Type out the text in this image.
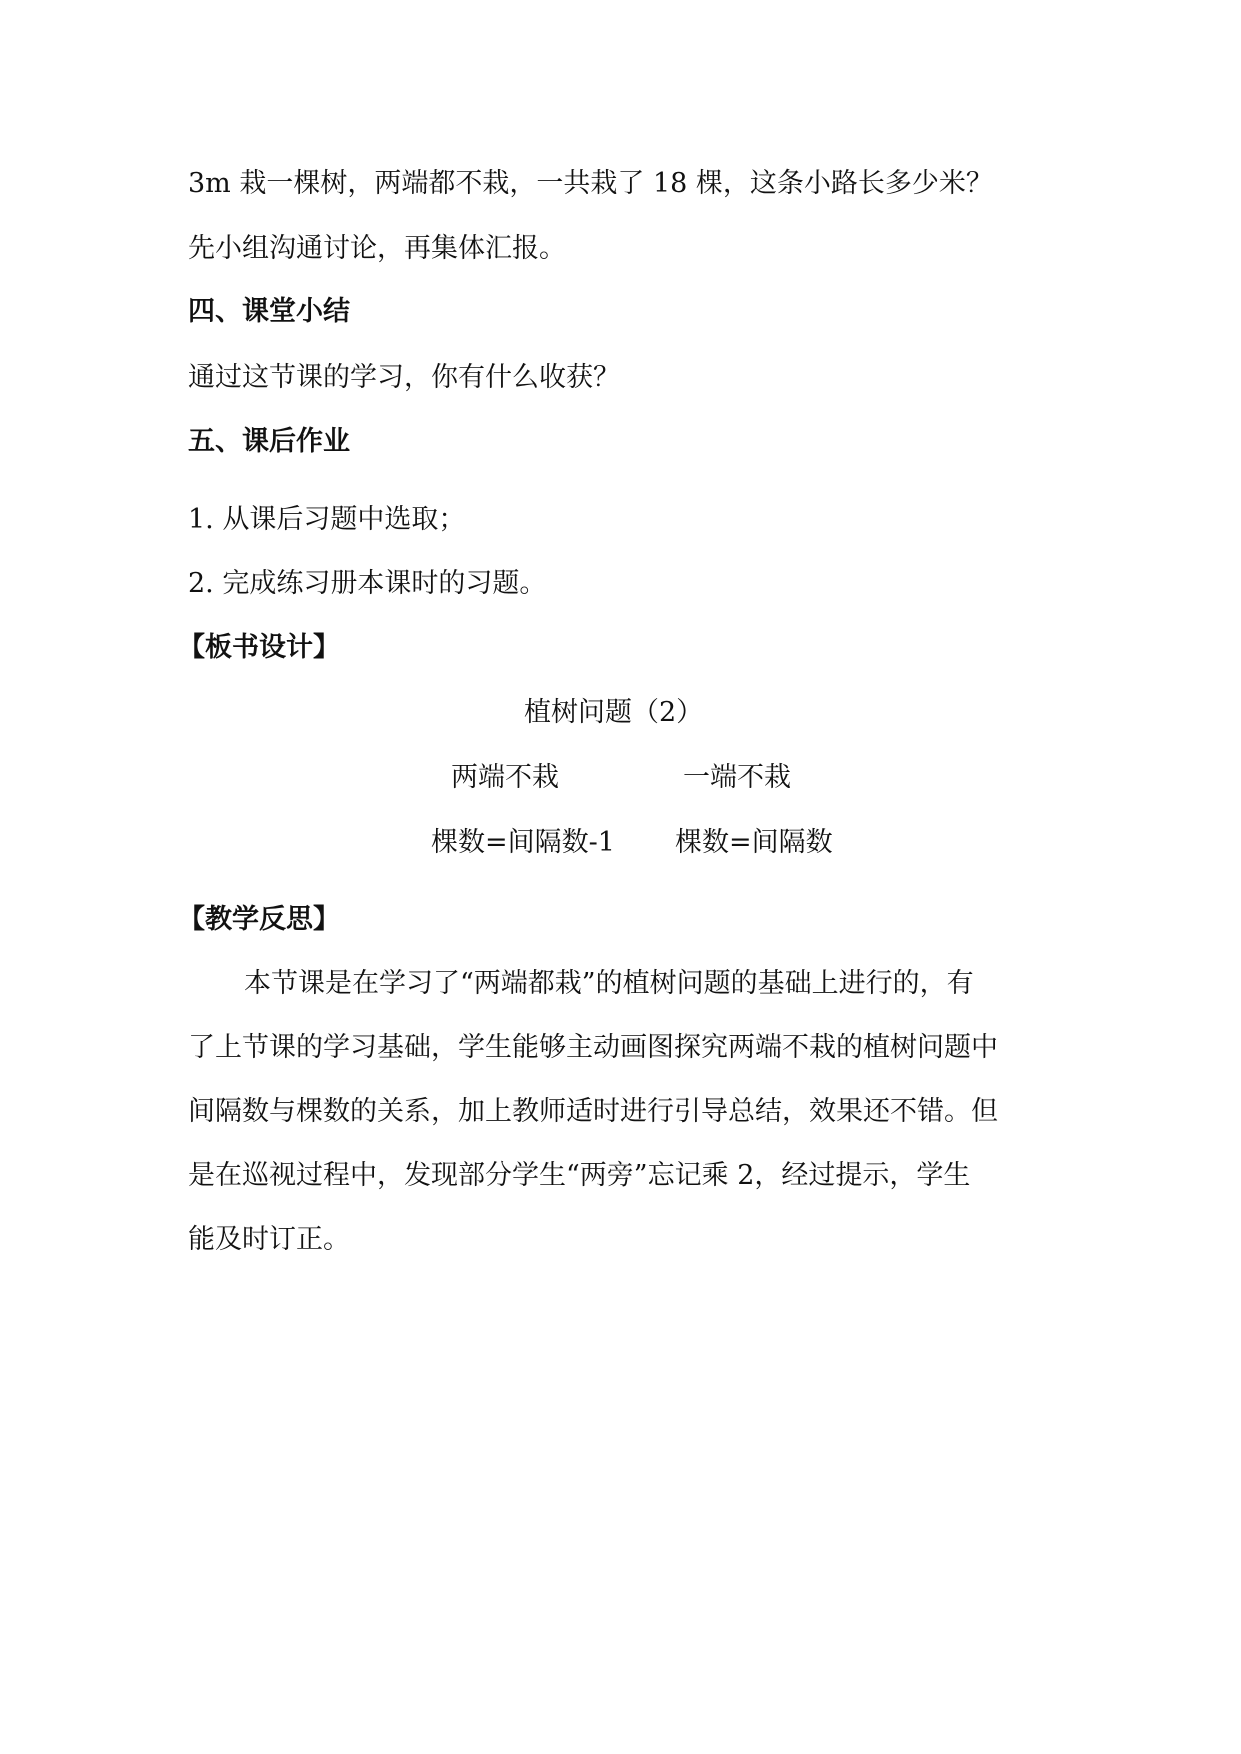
3m 栽一棵树，两端都不栽，一共栽了 18 棵，这条小路长多少米？
先小组沟通讨论，再集体汇报。
四、课堂小结
通过这节课的学习，你有什么收获？
五、课后作业
1. 从课后习题中选取；
2. 完成练习册本课时的习题。
【板书设计】
植树问题（2）
两端不栽	一端不栽
棵数=间隔数-1 棵数=间隔数
【教学反思】
本节课是在学习了“两端都栽”的植树问题的基础上进行的，有
了上节课的学习基础，学生能够主动画图探究两端不栽的植树问题中
间隔数与棵数的关系，加上教师适时进行引导总结，效果还不错。但
是在巡视过程中，发现部分学生“两旁”忘记乘 2，经过提示，学生
能及时订正。
